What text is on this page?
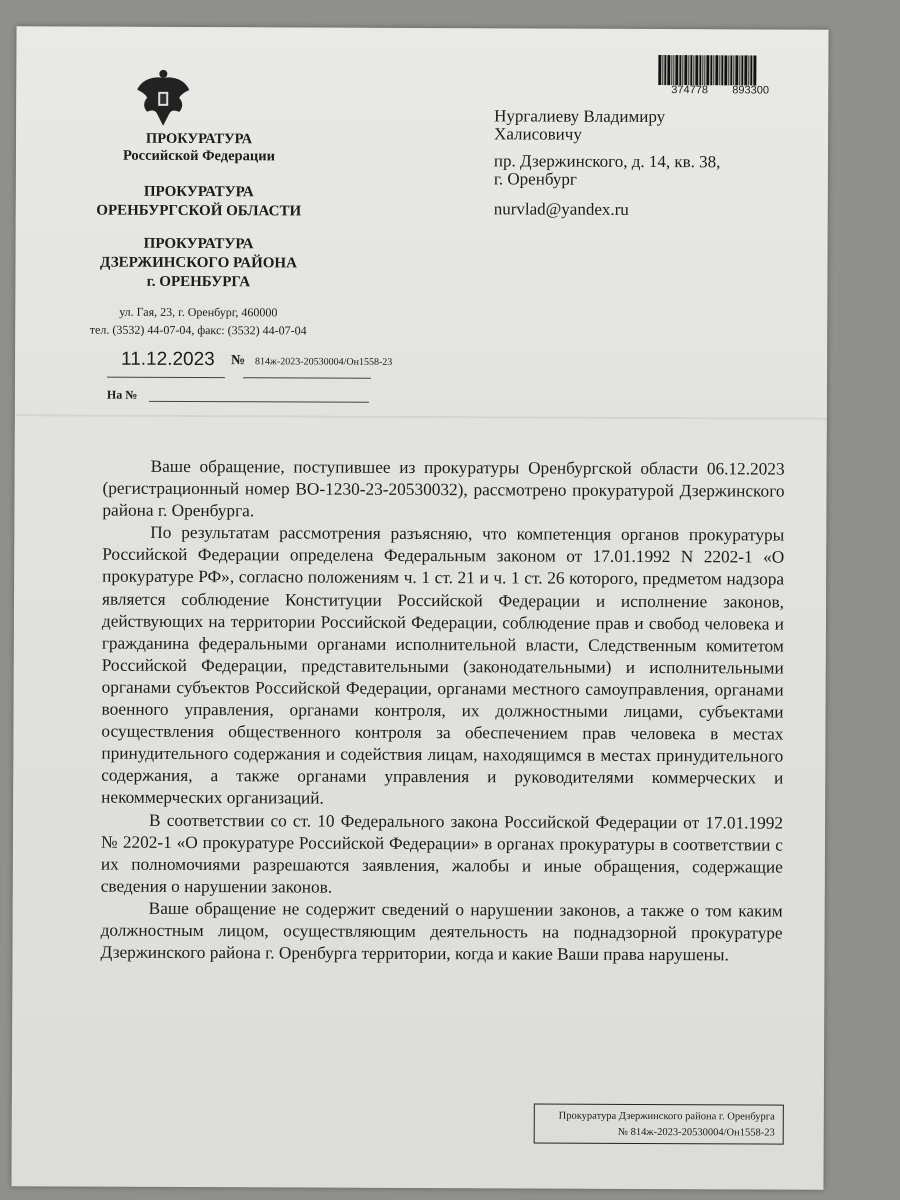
ПРОКУРАТУРА
Российской Федерации
ПРОКУРАТУРА
ОРЕНБУРГСКОЙ ОБЛАСТИ
ПРОКУРАТУРА
ДЗЕРЖИНСКОГО РАЙОНА
г. ОРЕНБУРГА
ул. Гая, 23, г. Оренбург, 460000
тел. (3532) 44-07-04, факс: (3532) 44-07-04
11.12.2023 № 814ж-2023-20530004/Он1558-23
На №
374778 893300
Нургалиеву Владимиру
Халисовичу
пр. Дзержинского, д. 14, кв. 38,
г. Оренбург
nurvlad@yandex.ru

Ваше обращение, поступившее из прокуратуры Оренбургской области 06.12.2023 (регистрационный номер ВО-1230-23-20530032), рассмотрено прокуратурой Дзержинского района г. Оренбурга.

По результатам рассмотрения разъясняю, что компетенция органов прокуратуры Российской Федерации определена Федеральным законом от 17.01.1992 N 2202-1 «О прокуратуре РФ», согласно положениям ч. 1 ст. 21 и ч. 1 ст. 26 которого, предметом надзора является соблюдение Конституции Российской Федерации и исполнение законов, действующих на территории Российской Федерации, соблюдение прав и свобод человека и гражданина федеральными органами исполнительной власти, Следственным комитетом Российской Федерации, представительными (законодательными) и исполнительными органами субъектов Российской Федерации, органами местного самоуправления, органами военного управления, органами контроля, их должностными лицами, субъектами осуществления общественного контроля за обеспечением прав человека в местах принудительного содержания и содействия лицам, находящимся в местах принудительного содержания, а также органами управления и руководителями коммерческих и некоммерческих организаций.

В соответствии со ст. 10 Федерального закона Российской Федерации от 17.01.1992 № 2202-1 «О прокуратуре Российской Федерации» в органах прокуратуры в соответствии с их полномочиями разрешаются заявления, жалобы и иные обращения, содержащие сведения о нарушении законов.

Ваше обращение не содержит сведений о нарушении законов, а также о том каким должностным лицом, осуществляющим деятельность на поднадзорной прокуратуре Дзержинского района г. Оренбурга территории, когда и какие Ваши права нарушены.

Прокуратура Дзержинского района г. Оренбурга
№ 814ж-2023-20530004/Он1558-23
